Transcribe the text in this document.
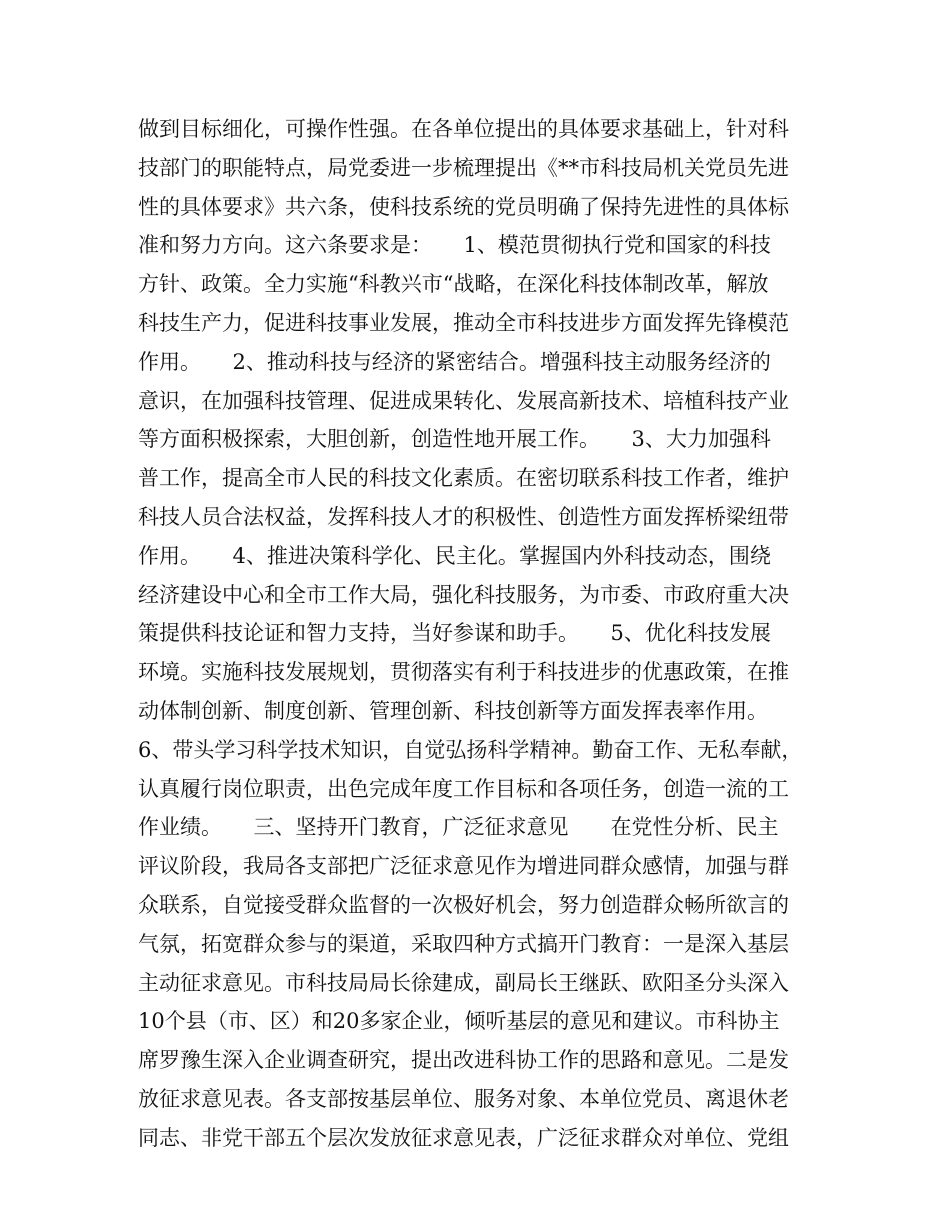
做到目标细化，可操作性强。在各单位提出的具体要求基础上，针对科
技部门的职能特点，局党委进一步梳理提出《**市科技局机关党员先进
性的具体要求》共六条，使科技系统的党员明确了保持先进性的具体标
准和努力方向。这六条要求是：　　1、模范贯彻执行党和国家的科技
方针、政策。全力实施“科教兴市“战略，在深化科技体制改革，解放
科技生产力，促进科技事业发展，推动全市科技进步方面发挥先锋模范
作用。　　2、推动科技与经济的紧密结合。增强科技主动服务经济的
意识，在加强科技管理、促进成果转化、发展高新技术、培植科技产业
等方面积极探索，大胆创新，创造性地开展工作。　　3、大力加强科
普工作，提高全市人民的科技文化素质。在密切联系科技工作者，维护
科技人员合法权益，发挥科技人才的积极性、创造性方面发挥桥梁纽带
作用。　　4、推进决策科学化、民主化。掌握国内外科技动态，围绕
经济建设中心和全市工作大局，强化科技服务，为市委、市政府重大决
策提供科技论证和智力支持，当好参谋和助手。　　5、优化科技发展
环境。实施科技发展规划，贯彻落实有利于科技进步的优惠政策，在推
动体制创新、制度创新、管理创新、科技创新等方面发挥表率作用。
6、带头学习科学技术知识，自觉弘扬科学精神。勤奋工作、无私奉献，
认真履行岗位职责，出色完成年度工作目标和各项任务，创造一流的工
作业绩。　　三、坚持开门教育，广泛征求意见　　在党性分析、民主
评议阶段，我局各支部把广泛征求意见作为增进同群众感情，加强与群
众联系，自觉接受群众监督的一次极好机会，努力创造群众畅所欲言的
气氛，拓宽群众参与的渠道，采取四种方式搞开门教育：一是深入基层
主动征求意见。市科技局局长徐建成，副局长王继跃、欧阳圣分头深入
10个县（市、区）和20多家企业，倾听基层的意见和建议。市科协主
席罗豫生深入企业调查研究，提出改进科协工作的思路和意见。二是发
放征求意见表。各支部按基层单位、服务对象、本单位党员、离退休老
同志、非党干部五个层次发放征求意见表，广泛征求群众对单位、党组
